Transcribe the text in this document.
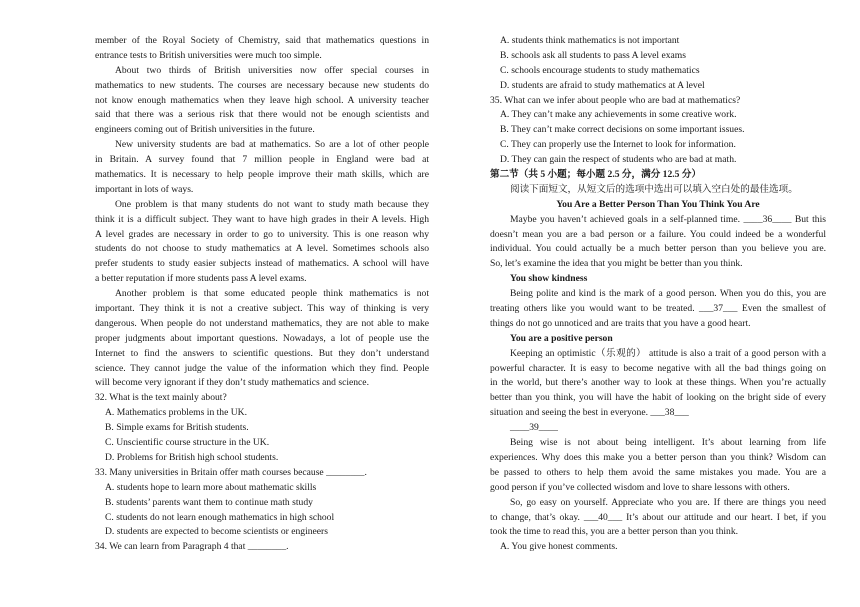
member of the Royal Society of Chemistry, said that mathematics questions in
entrance tests to British universities were much too simple.
About two thirds of British universities now offer special courses in
mathematics to new students. The courses are necessary because new students do
not know enough mathematics when they leave high school. A university teacher
said that there was a serious risk that there would not be enough scientists and
engineers coming out of British universities in the future.
New university students are bad at mathematics. So are a lot of other people
in Britain. A survey found that 7 million people in England were bad at
mathematics. It is necessary to help people improve their math skills, which are
important in lots of ways.
One problem is that many students do not want to study math because they
think it is a difficult subject. They want to have high grades in their A levels. High
A level grades are necessary in order to go to university. This is one reason why
students do not choose to study mathematics at A level. Sometimes schools also
prefer students to study easier subjects instead of mathematics. A school will have
a better reputation if more students pass A level exams.
Another problem is that some educated people think mathematics is not
important. They think it is not a creative subject. This way of thinking is very
dangerous. When people do not understand mathematics, they are not able to make
proper judgments about important questions. Nowadays, a lot of people use the
Internet to find the answers to scientific questions. But they don’t understand
science. They cannot judge the value of the information which they find. People
will become very ignorant if they don’t study mathematics and science.
32. What is the text mainly about?
A. Mathematics problems in the UK.
B. Simple exams for British students.
C. Unscientific course structure in the UK.
D. Problems for British high school students.
33. Many universities in Britain offer math courses because ________.
A. students hope to learn more about mathematic skills
B. students’ parents want them to continue math study
C. students do not learn enough mathematics in high school
D. students are expected to become scientists or engineers
34. We can learn from Paragraph 4 that ________.
A. students think mathematics is not important
B. schools ask all students to pass A level exams
C. schools encourage students to study mathematics
D. students are afraid to study mathematics at A level
35. What can we infer about people who are bad at mathematics?
A. They can’t make any achievements in some creative work.
B. They can’t make correct decisions on some important issues.
C. They can properly use the Internet to look for information.
D. They can gain the respect of students who are bad at math.
第二节（共 5 小题；每小题 2.5 分，满分 12.5 分）
阅读下面短文，从短文后的选项中选出可以填入空白处的最佳选项。
You Are a Better Person Than You Think You Are
Maybe you haven’t achieved goals in a self-planned time. ____36____ But this
doesn’t mean you are a bad person or a failure. You could indeed be a wonderful
individual. You could actually be a much better person than you believe you are.
So, let’s examine the idea that you might be better than you think.
You show kindness
Being polite and kind is the mark of a good person. When you do this, you are
treating others like you would want to be treated. ___37___ Even the smallest of
things do not go unnoticed and are traits that you have a good heart.
You are a positive person
Keeping an optimistic（乐观的） attitude is also a trait of a good person with a
powerful character. It is easy to become negative with all the bad things going on
in the world, but there’s another way to look at these things. When you’re actually
better than you think, you will have the habit of looking on the bright side of every
situation and seeing the best in everyone. ___38___
____39____
Being wise is not about being intelligent. It’s about learning from life
experiences. Why does this make you a better person than you think? Wisdom can
be passed to others to help them avoid the same mistakes you made. You are a
good person if you’ve collected wisdom and love to share lessons with others.
So, go easy on yourself. Appreciate who you are. If there are things you need
to change, that’s okay. ___40___ It’s about our attitude and our heart. I bet, if you
took the time to read this, you are a better person than you think.
A. You give honest comments.
